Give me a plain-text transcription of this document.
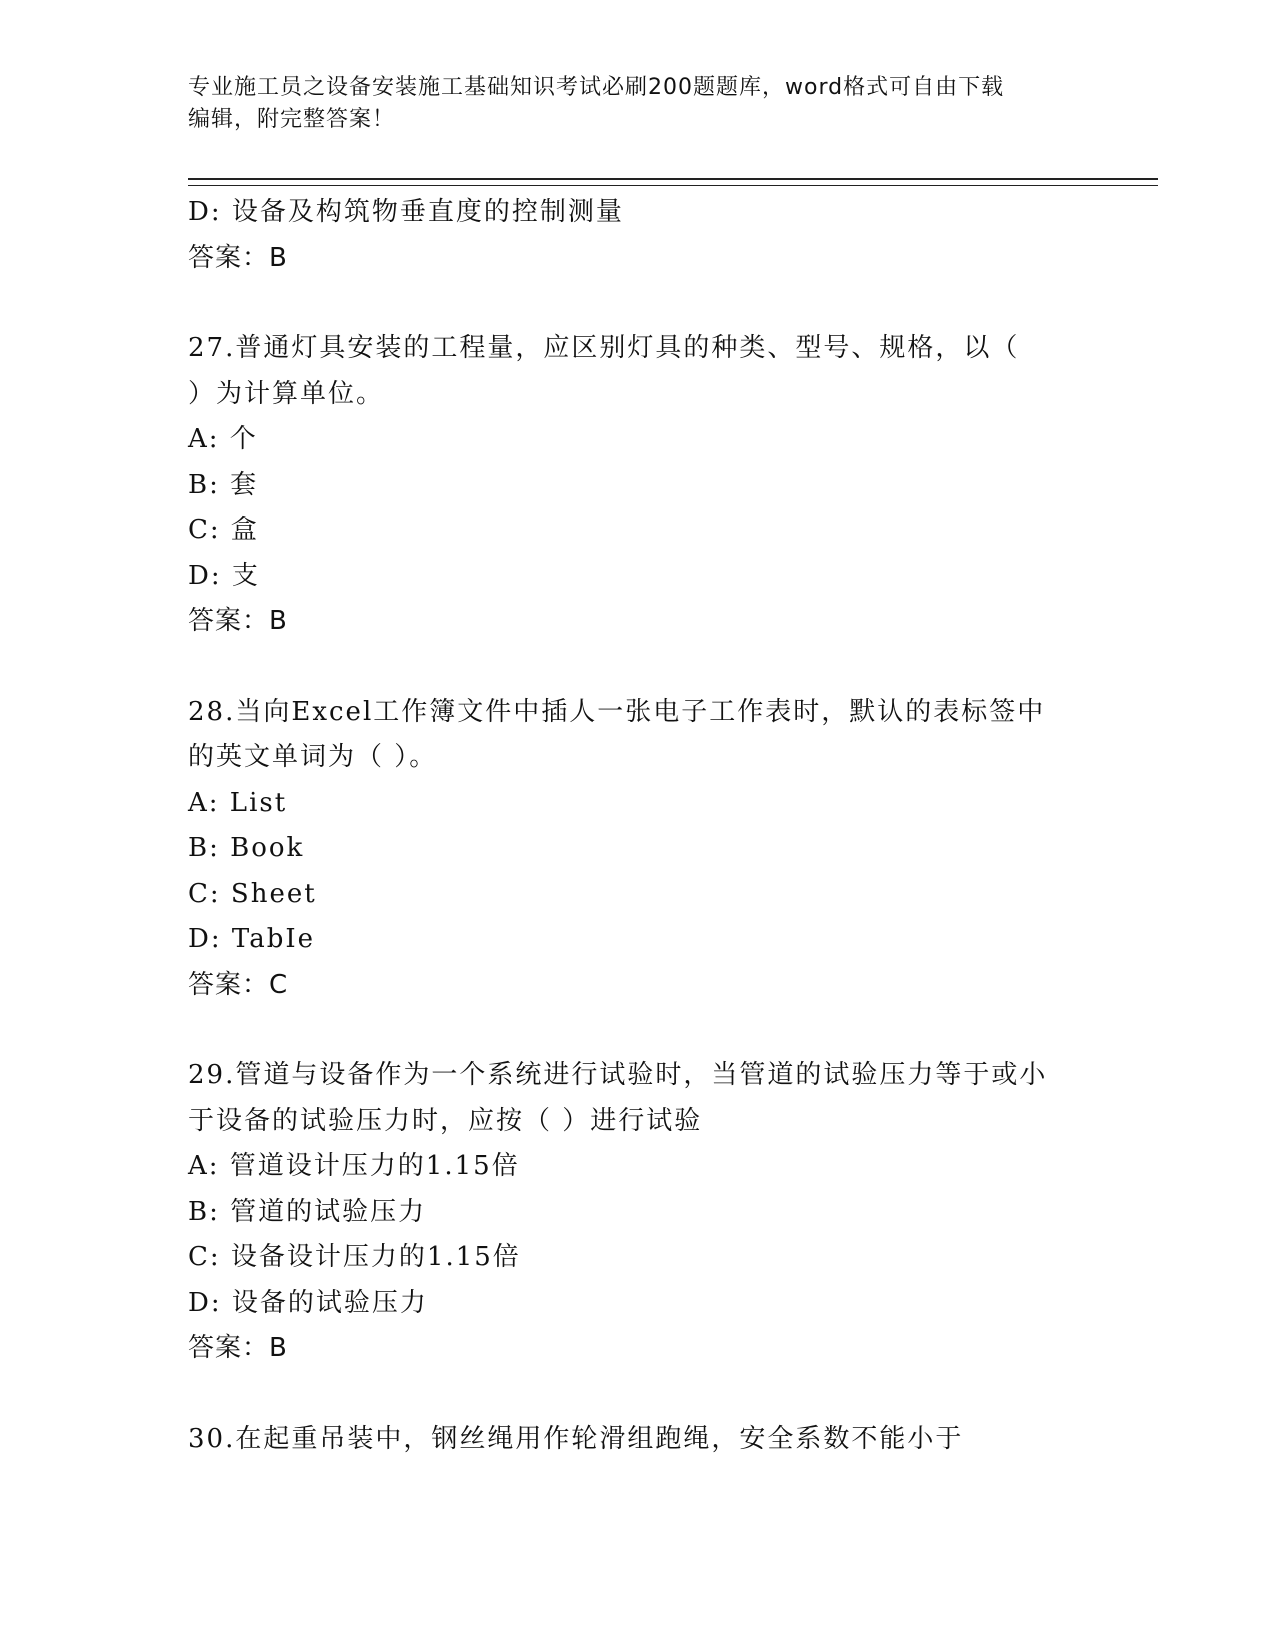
专业施工员之设备安装施工基础知识考试必刷200题题库，word格式可自由下载
编辑，附完整答案！
D: 设备及构筑物垂直度的控制测量
答案：B
27.普通灯具安装的工程量，应区别灯具的种类、型号、规格，以（
）为计算单位。
A: 个
B: 套
C: 盒
D: 支
答案：B
28.当向Excel工作簿文件中插人一张电子工作表时，默认的表标签中
的英文单词为（ ）。
A: List
B: Book
C: Sheet
D: TabIe
答案：C
29.管道与设备作为一个系统进行试验时，当管道的试验压力等于或小
于设备的试验压力时，应按（ ）进行试验
A: 管道设计压力的1.15倍
B: 管道的试验压力
C: 设备设计压力的1.15倍
D: 设备的试验压力
答案：B
30.在起重吊装中，钢丝绳用作轮滑组跑绳，安全系数不能小于
